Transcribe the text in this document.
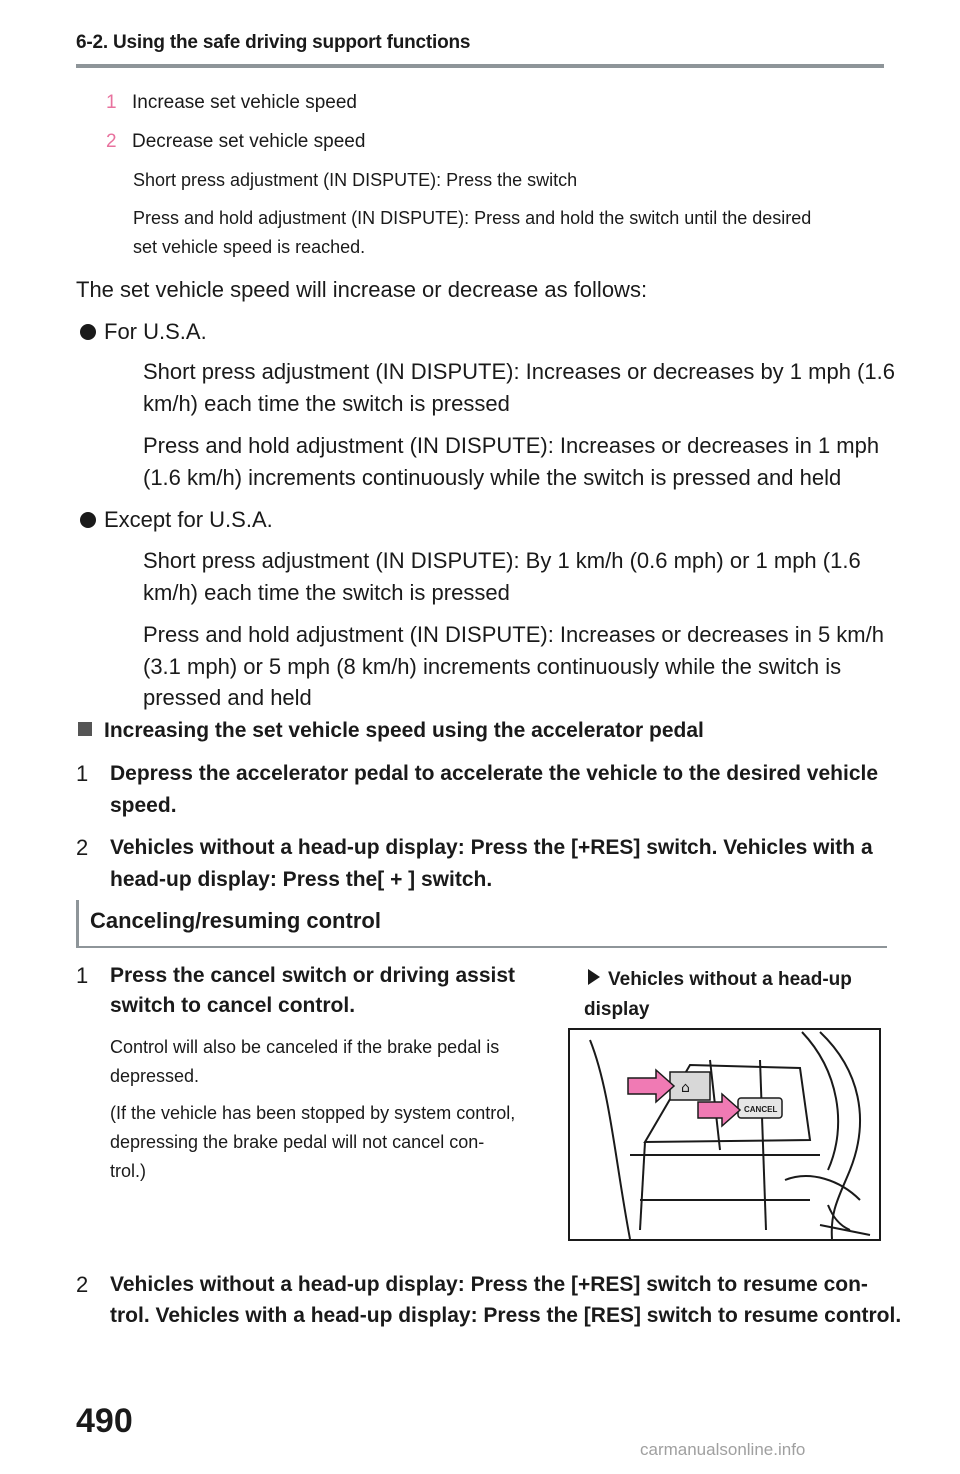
6-2. Using the safe driving support functions
1 Increase set vehicle speed
2 Decrease set vehicle speed
Short press adjustment (IN DISPUTE): Press the switch
Press and hold adjustment (IN DISPUTE): Press and hold the switch until the desired
set vehicle speed is reached.
The set vehicle speed will increase or decrease as follows:
For U.S.A.
Short press adjustment (IN DISPUTE): Increases or decreases by 1 mph (1.6
km/h) each time the switch is pressed
Press and hold adjustment (IN DISPUTE): Increases or decreases in 1 mph
(1.6 km/h) increments continuously while the switch is pressed and held
Except for U.S.A.
Short press adjustment (IN DISPUTE): By 1 km/h (0.6 mph) or 1 mph (1.6
km/h) each time the switch is pressed
Press and hold adjustment (IN DISPUTE): Increases or decreases in 5 km/h
(3.1 mph) or 5 mph (8 km/h) increments continuously while the switch is
pressed and held
Increasing the set vehicle speed using the accelerator pedal
1	Depress the accelerator pedal to accelerate the vehicle to the desired vehicle
speed.
2	Vehicles without a head-up display: Press the [+RES] switch. Vehicles with a
head-up display: Press the[ + ] switch.
Canceling/resuming control
1 Press the cancel switch or driving assist
switch to cancel control.
Control will also be canceled if the brake pedal is
depressed.
(If the vehicle has been stopped by system control,
depressing the brake pedal will not cancel con-
trol.)
Vehicles without a head-up
display
⌂
CANCEL
2 Vehicles without a head-up display: Press the [+RES] switch to resume con-
trol. Vehicles with a head-up display: Press the [RES] switch to resume control.
490
carmanualsonline.info
